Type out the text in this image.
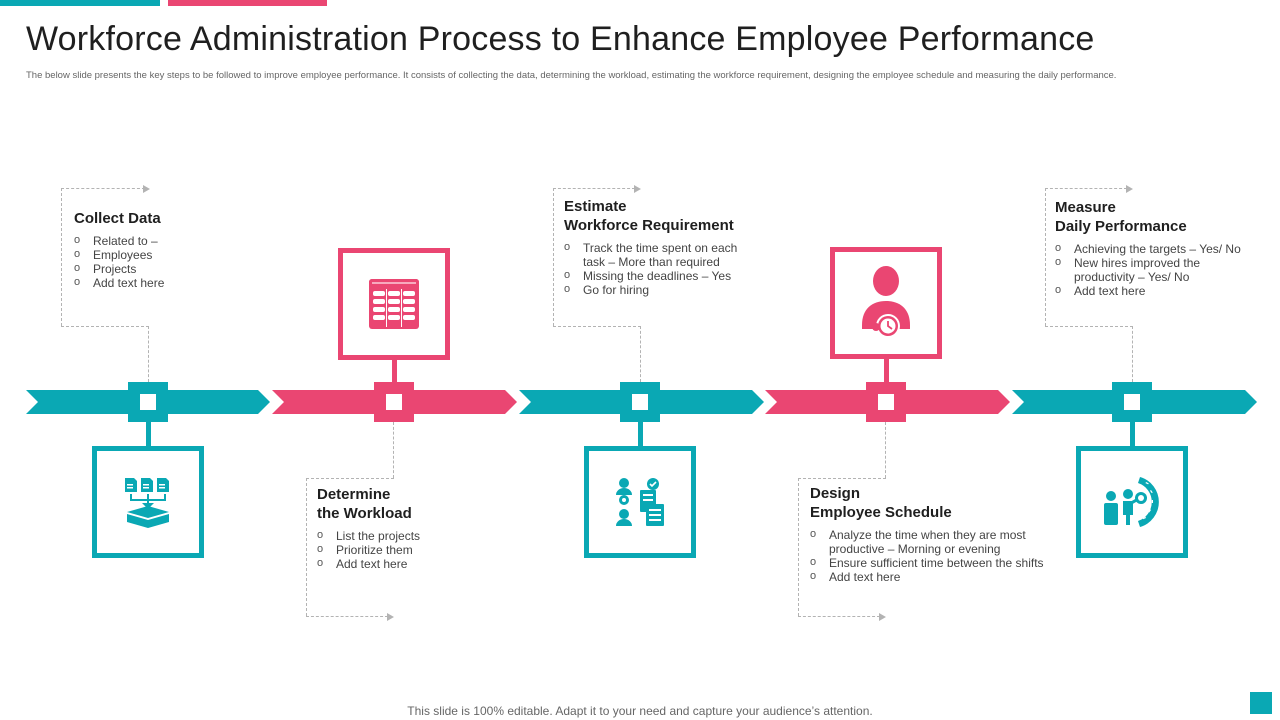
Workforce Administration Process to Enhance Employee Performance
The below slide presents the key steps to be followed to improve employee performance. It consists of collecting the data, determining the workload, estimating the workforce requirement, designing the employee schedule and measuring the daily performance.
Collect Data
o Related to –
o Employees
o Projects
o Add text here
Determine
the Workload
o List the projects
o Prioritize them
o Add text here
Estimate
Workforce Requirement
o Track the time spent on each task – More than required
o Missing the deadlines – Yes
o Go for hiring
Design
Employee Schedule
o Analyze the time when they are most productive – Morning or evening
o Ensure sufficient time between the shifts
o Add text here
Measure
Daily Performance
o Achieving the targets – Yes/ No
o New hires improved the productivity – Yes/ No
o Add text here
This slide is 100% editable. Adapt it to your need and capture your audience’s attention.
